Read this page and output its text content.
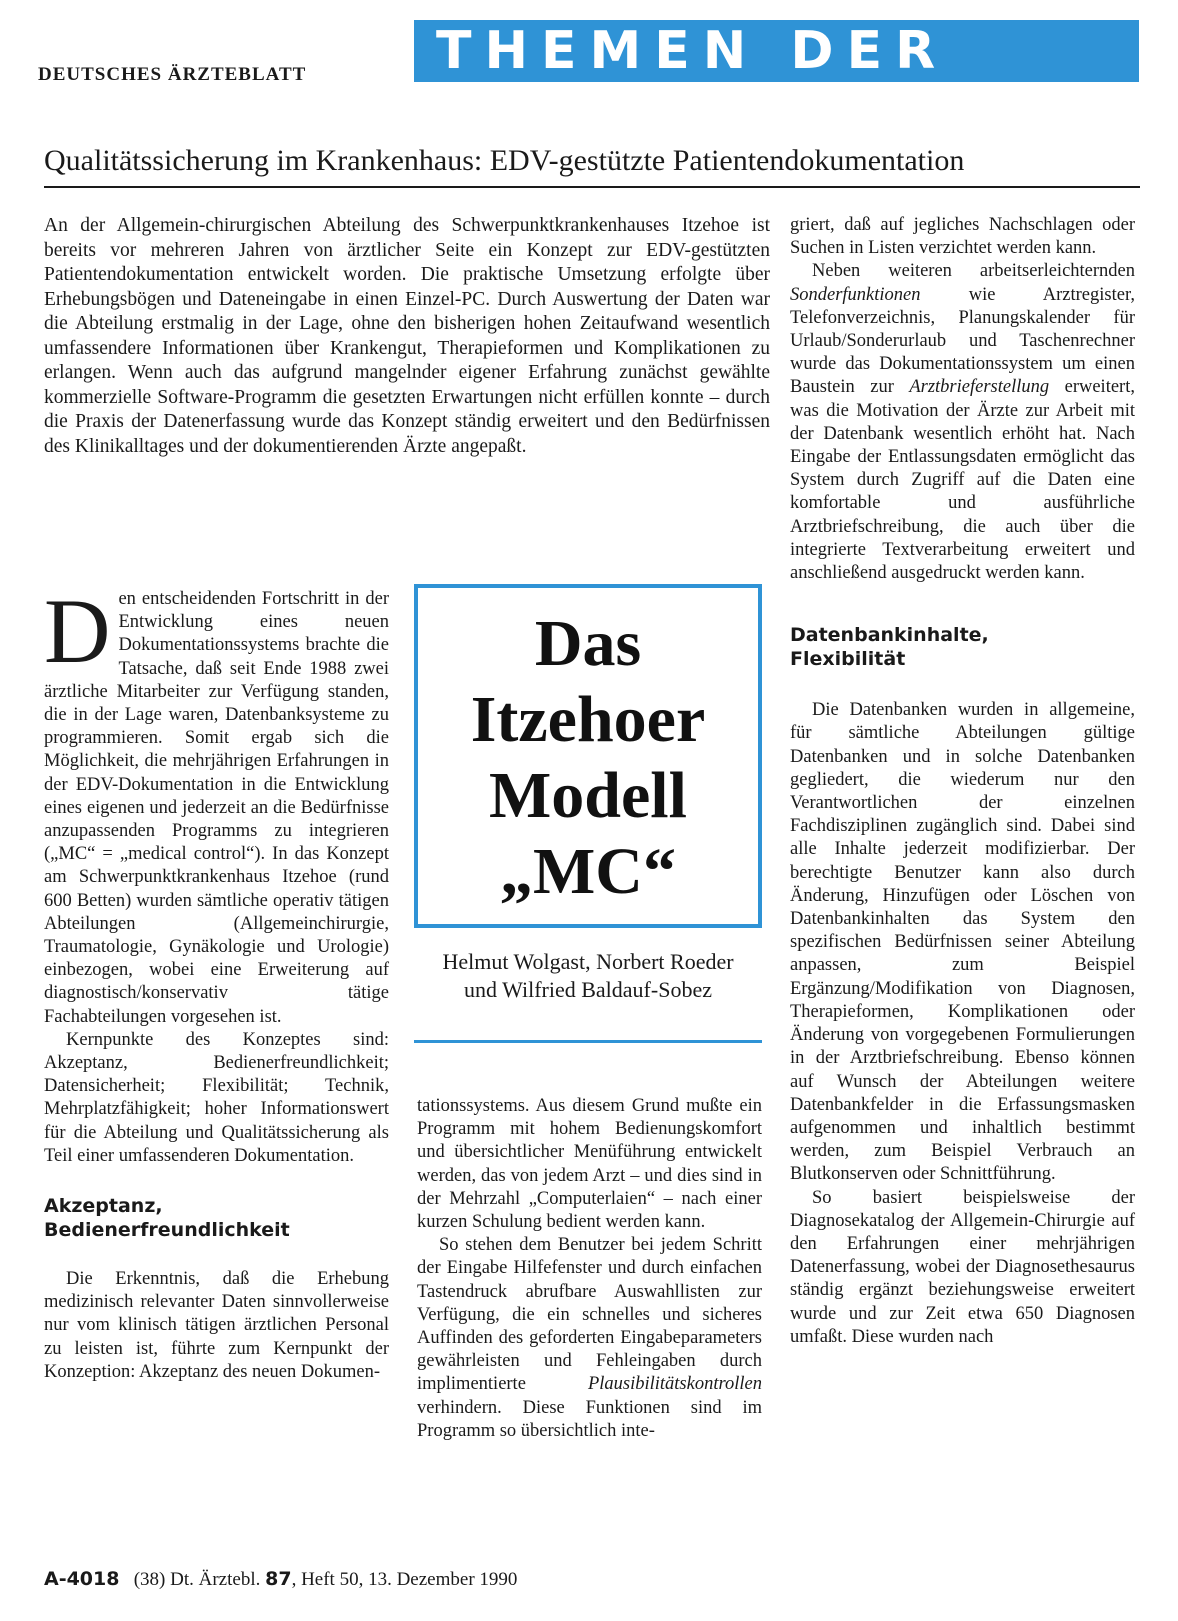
DEUTSCHES ÄRZTEBLATT	THEMEN DER ZEIT
Qualitätssicherung im Krankenhaus: EDV-gestützte Patientendokumentation
An der Allgemein-chirurgischen Abteilung des Schwerpunktkrankenhauses Itzehoe ist bereits vor mehreren Jahren von ärztlicher Seite ein Konzept zur EDV-gestützten Patientendokumentation entwickelt worden. Die praktische Umsetzung erfolgte über Erhebungsbögen und Dateneingabe in einen Einzel-PC. Durch Auswertung der Daten war die Abteilung erstmalig in der Lage, ohne den bisherigen hohen Zeitaufwand wesentlich umfassendere Informationen über Krankengut, Therapieformen und Komplikationen zu erlangen. Wenn auch das aufgrund mangelnder eigener Erfahrung zunächst gewählte kommerzielle Software-Programm die gesetzten Erwartungen nicht erfüllen konnte – durch die Praxis der Datenerfassung wurde das Konzept ständig erweitert und den Bedürfnissen des Klinikalltages und der dokumentierenden Ärzte angepaßt.

Den entscheidenden Fortschritt in der Entwicklung eines neuen Dokumentationssystems brachte die Tatsache, daß seit Ende 1988 zwei ärztliche Mitarbeiter zur Verfügung standen, die in der Lage waren, Datenbanksysteme zu programmieren. Somit ergab sich die Möglichkeit, die mehrjährigen Erfahrungen in der EDV-Dokumentation in die Entwicklung eines eigenen und jederzeit an die Bedürfnisse anzupassenden Programms zu integrieren („MC“ = „medical control“). In das Konzept am Schwerpunktkrankenhaus Itzehoe (rund 600 Betten) wurden sämtliche operativ tätigen Abteilungen (Allgemeinchirurgie, Traumatologie, Gynäkologie und Urologie) einbezogen, wobei eine Erweiterung auf diagnostisch/konservativ tätige Fachabteilungen vorgesehen ist.

Kernpunkte des Konzeptes sind: Akzeptanz, Bedienerfreundlichkeit; Datensicherheit; Flexibilität; Technik, Mehrplatzfähigkeit; hoher Informationswert für die Abteilung und Qualitätssicherung als Teil einer umfassenderen Dokumentation.

Akzeptanz,
Bedienerfreundlichkeit

Die Erkenntnis, daß die Erhebung medizinisch relevanter Daten sinnvollerweise nur vom klinisch tätigen ärztlichen Personal zu leisten ist, führte zum Kernpunkt der Konzeption: Akzeptanz des neuen Dokumen-

Das
Itzehoer
Modell
„MC“
Helmut Wolgast, Norbert Roeder
und Wilfried Baldauf-Sobez

tationssystems. Aus diesem Grund mußte ein Programm mit hohem Bedienungskomfort und übersichtlicher Menüführung entwickelt werden, das von jedem Arzt – und dies sind in der Mehrzahl „Computerlaien“ – nach einer kurzen Schulung bedient werden kann.

So stehen dem Benutzer bei jedem Schritt der Eingabe Hilfefenster und durch einfachen Tastendruck abrufbare Auswahllisten zur Verfügung, die ein schnelles und sicheres Auffinden des geforderten Eingabeparameters gewährleisten und Fehleingaben durch implimentierte Plausibilitätskontrollen verhindern. Diese Funktionen sind im Programm so übersichtlich inte-

griert, daß auf jegliches Nachschlagen oder Suchen in Listen verzichtet werden kann.

Neben weiteren arbeitserleichternden Sonderfunktionen wie Arztregister, Telefonverzeichnis, Planungskalender für Urlaub/Sonderurlaub und Taschenrechner wurde das Dokumentationssystem um einen Baustein zur Arztbrieferstellung erweitert, was die Motivation der Ärzte zur Arbeit mit der Datenbank wesentlich erhöht hat. Nach Eingabe der Entlassungsdaten ermöglicht das System durch Zugriff auf die Daten eine komfortable und ausführliche Arztbriefschreibung, die auch über die integrierte Textverarbeitung erweitert und anschließend ausgedruckt werden kann.

Datenbankinhalte,
Flexibilität

Die Datenbanken wurden in allgemeine, für sämtliche Abteilungen gültige Datenbanken und in solche Datenbanken gegliedert, die wiederum nur den Verantwortlichen der einzelnen Fachdisziplinen zugänglich sind. Dabei sind alle Inhalte jederzeit modifizierbar. Der berechtigte Benutzer kann also durch Änderung, Hinzufügen oder Löschen von Datenbankinhalten das System den spezifischen Bedürfnissen seiner Abteilung anpassen, zum Beispiel Ergänzung/Modifikation von Diagnosen, Therapieformen, Komplikationen oder Änderung von vorgegebenen Formulierungen in der Arztbriefschreibung. Ebenso können auf Wunsch der Abteilungen weitere Datenbankfelder in die Erfassungsmasken aufgenommen und inhaltlich bestimmt werden, zum Beispiel Verbrauch an Blutkonserven oder Schnittführung.

So basiert beispielsweise der Diagnosekatalog der Allgemein-Chirurgie auf den Erfahrungen einer mehrjährigen Datenerfassung, wobei der Diagnosethesaurus ständig ergänzt beziehungsweise erweitert wurde und zur Zeit etwa 650 Diagnosen umfaßt. Diese wurden nach

A-4018 (38) Dt. Ärztebl. 87, Heft 50, 13. Dezember 1990
